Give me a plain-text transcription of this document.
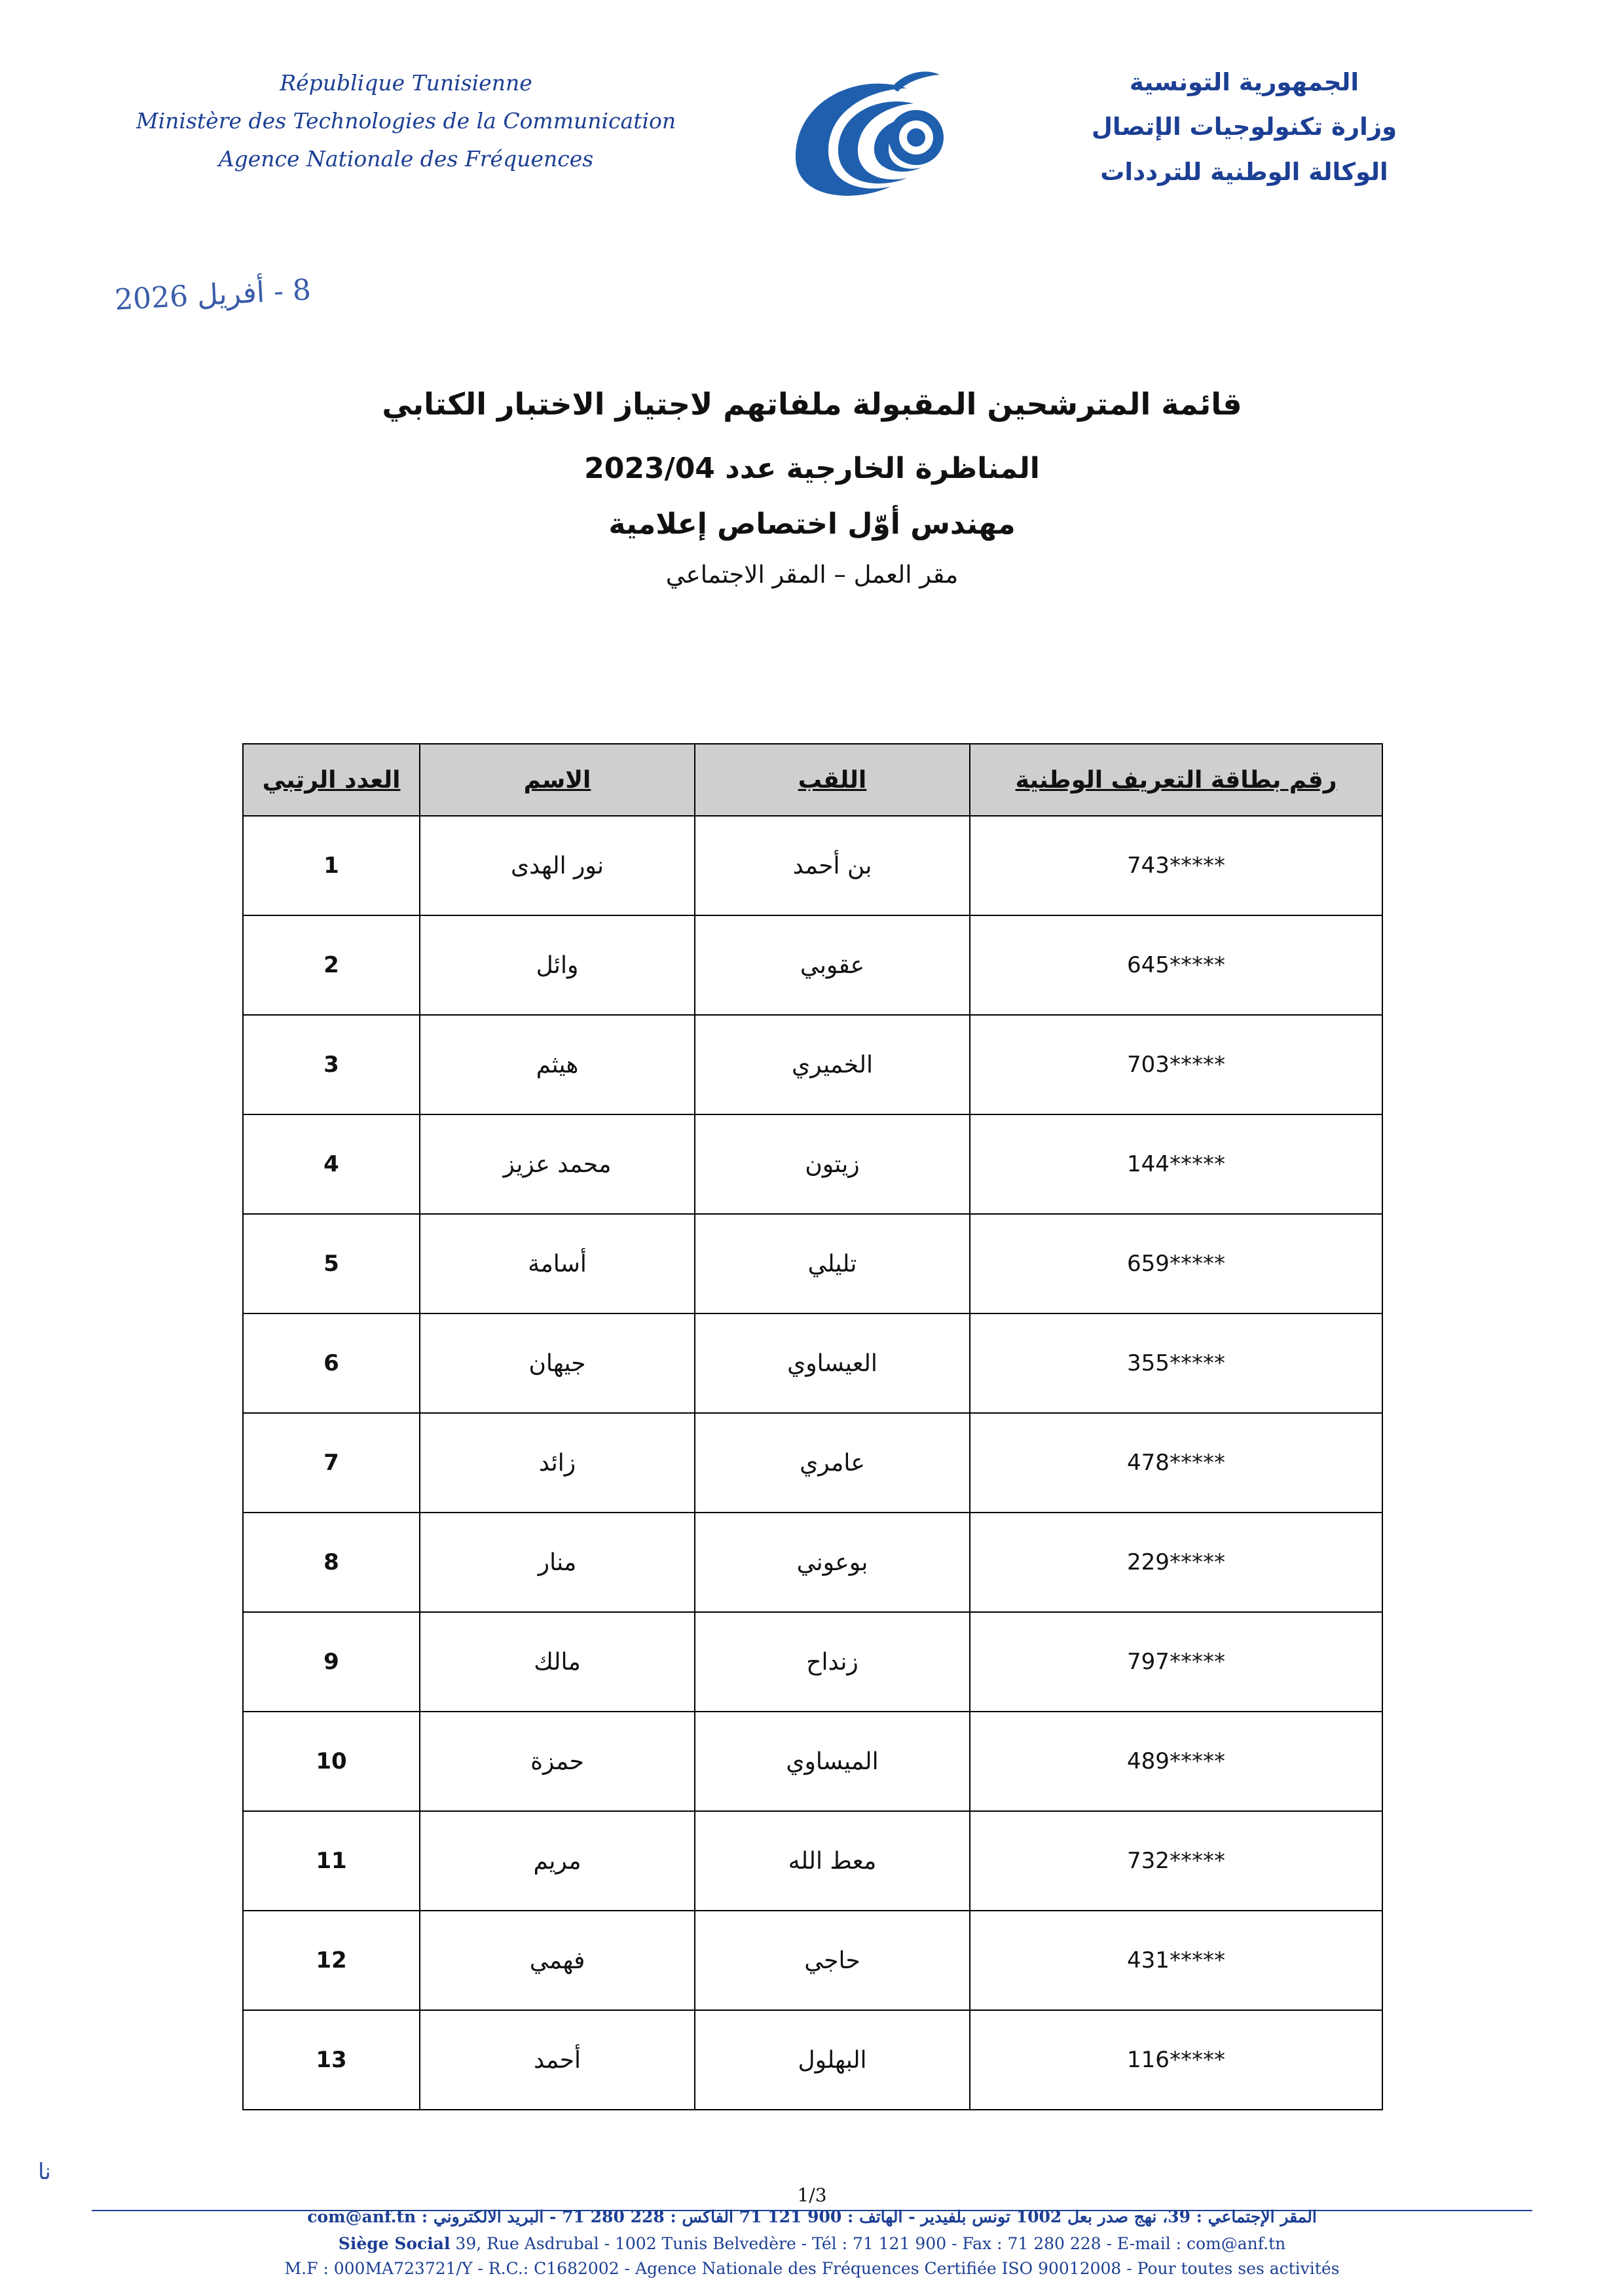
République Tunisienne
Ministère des Technologies de la Communication
Agence Nationale des Fréquences
الجمهورية التونسية
وزارة تكنولوجيات الإتصال
الوكالة الوطنية للترددات
8 - أفريل 2026
قائمة المترشحين المقبولة ملفاتهم لاجتياز الاختبار الكتابي
المناظرة الخارجية عدد 2023/04
مهندس أوّل اختصاص إعلامية
مقر العمل – المقر الاجتماعي
رقم بطاقة التعريف الوطنية	اللقب	الاسم	العدد الرتبي
743*****	بن أحمد	نور الهدى	1
645*****	عقوبي	وائل	2
703*****	الخميري	هيثم	3
144*****	زيتون	محمد عزيز	4
659*****	تليلي	أسامة	5
355*****	العيساوي	جيهان	6
478*****	عامري	زائد	7
229*****	بوعوني	منار	8
797*****	زنداح	مالك	9
489*****	الميساوي	حمزة	10
732*****	معط الله	مريم	11
431*****	حاجي	فهمي	12
116*****	البهلول	أحمد	13
نا
1/3
المقر الإجتماعي : 39، نهج صدر بعل 1002 تونس بلفيدير - الهاتف : 900 121 71 الفاكس : 228 280 71 - البريد الالكتروني : com@anf.tn
Siège Social 39, Rue Asdrubal - 1002 Tunis Belvedère - Tél : 71 121 900 - Fax : 71 280 228 - E-mail : com@anf.tn
M.F : 000MA723721/Y - R.C.: C1682002 - Agence Nationale des Fréquences Certifiée ISO 90012008 - Pour toutes ses activités
